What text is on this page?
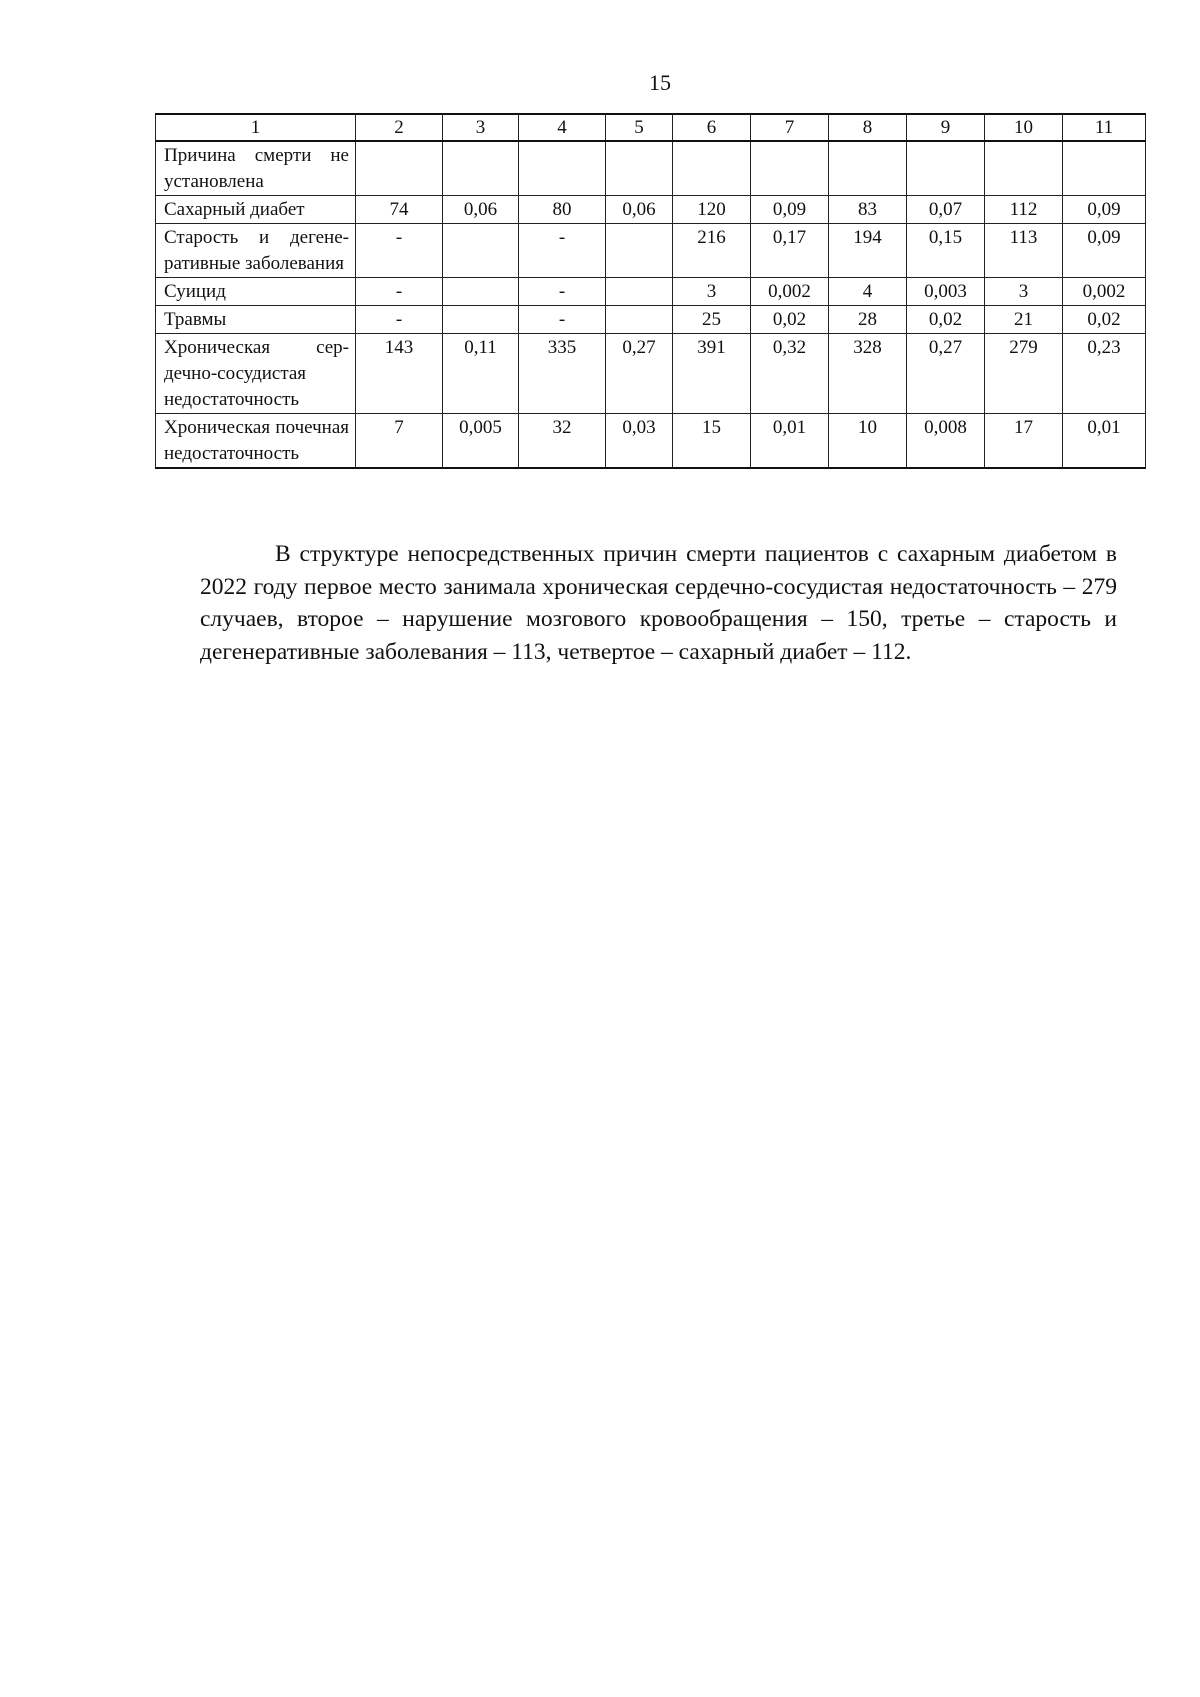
15
1	2	3	4	5	6	7	8	9	10	11
Причина смерти не установлена										
Сахарный диабет	74	0,06	80	0,06	120	0,09	83	0,07	112	0,09
Старость и дегенеративные заболевания	-		-		216	0,17	194	0,15	113	0,09
Суицид	-		-		3	0,002	4	0,003	3	0,002
Травмы	-		-		25	0,02	28	0,02	21	0,02
Хроническая сердечно-сосудистая недостаточность	143	0,11	335	0,27	391	0,32	328	0,27	279	0,23
Хроническая почечная недостаточность	7	0,005	32	0,03	15	0,01	10	0,008	17	0,01
В структуре непосредственных причин смерти пациентов с сахарным диабетом в 2022 году первое место занимала хроническая сердечно-сосудистая недостаточность – 279 случаев, второе – нарушение мозгового кровообращения – 150, третье – старость и дегенеративные заболевания – 113, четвертое – сахарный диабет – 112.
